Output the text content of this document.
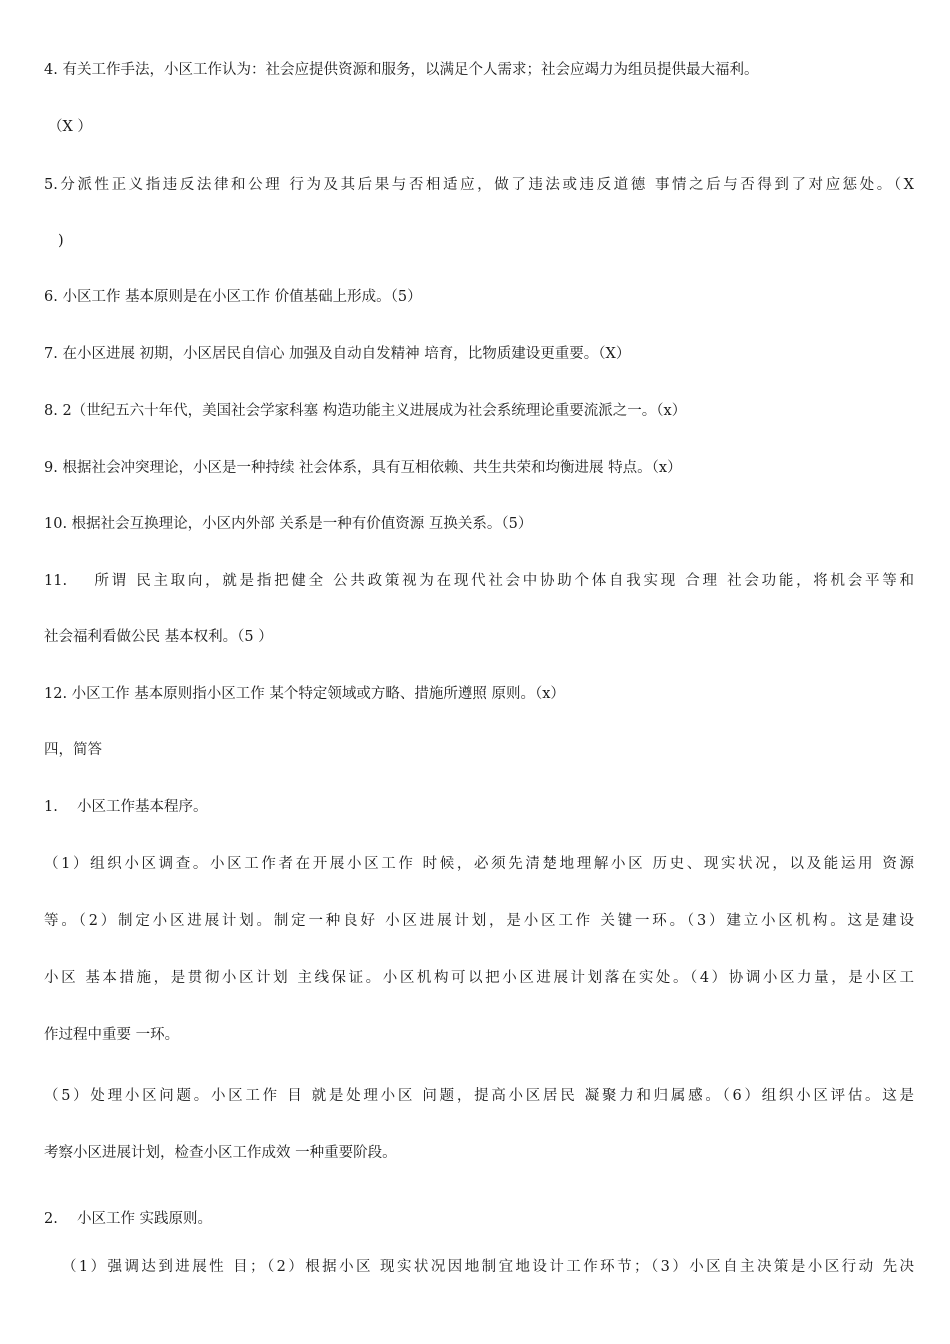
4. 有关工作手法，小区工作认为：社会应提供资源和服务，以满足个人需求；社会应竭力为组员提供最大福利。
（X ）
5.分派性正义指违反法律和公理 行为及其后果与否相适应，做了违法或违反道德 事情之后与否得到了对应惩处。（X
)
6. 小区工作 基本原则是在小区工作 价值基础上形成。（5）
7. 在小区进展 初期，小区居民自信心 加强及自动自发精神 培育，比物质建设更重要。（X）
8. 2（世纪五六十年代，美国社会学家科塞 构造功能主义进展成为社会系统理论重要流派之一。（x）
9. 根据社会冲突理论，小区是一种持续 社会体系，具有互相依赖、共生共荣和均衡进展 特点。（x）
10. 根据社会互换理论，小区内外部 关系是一种有价值资源 互换关系。（5）
11.　 所谓 民主取向，就是指把健全 公共政策视为在现代社会中协助个体自我实现 合理 社会功能，将机会平等和
社会福利看做公民 基本权利。（5 ）
12. 小区工作 基本原则指小区工作 某个特定领域或方略、措施所遵照 原则。（x）
四，简答
1.　 小区工作基本程序。
（1）组织小区调查。小区工作者在开展小区工作 时候，必须先清楚地理解小区 历史、现实状况，以及能运用 资源
等。（2）制定小区进展计划。制定一种良好 小区进展计划，是小区工作 关键一环。（3）建立小区机构。这是建设
小区 基本措施，是贯彻小区计划 主线保证。小区机构可以把小区进展计划落在实处。（4）协调小区力量，是小区工
作过程中重要 一环。
（5）处理小区问题。小区工作 目 就是处理小区 问题，提高小区居民 凝聚力和归属感。（6）组织小区评估。这是
考察小区进展计划，检查小区工作成效 一种重要阶段。
2.　 小区工作 实践原则。
（1）强调达到进展性 目；（2）根据小区 现实状况因地制宜地设计工作环节；（3）小区自主决策是小区行动 先决
